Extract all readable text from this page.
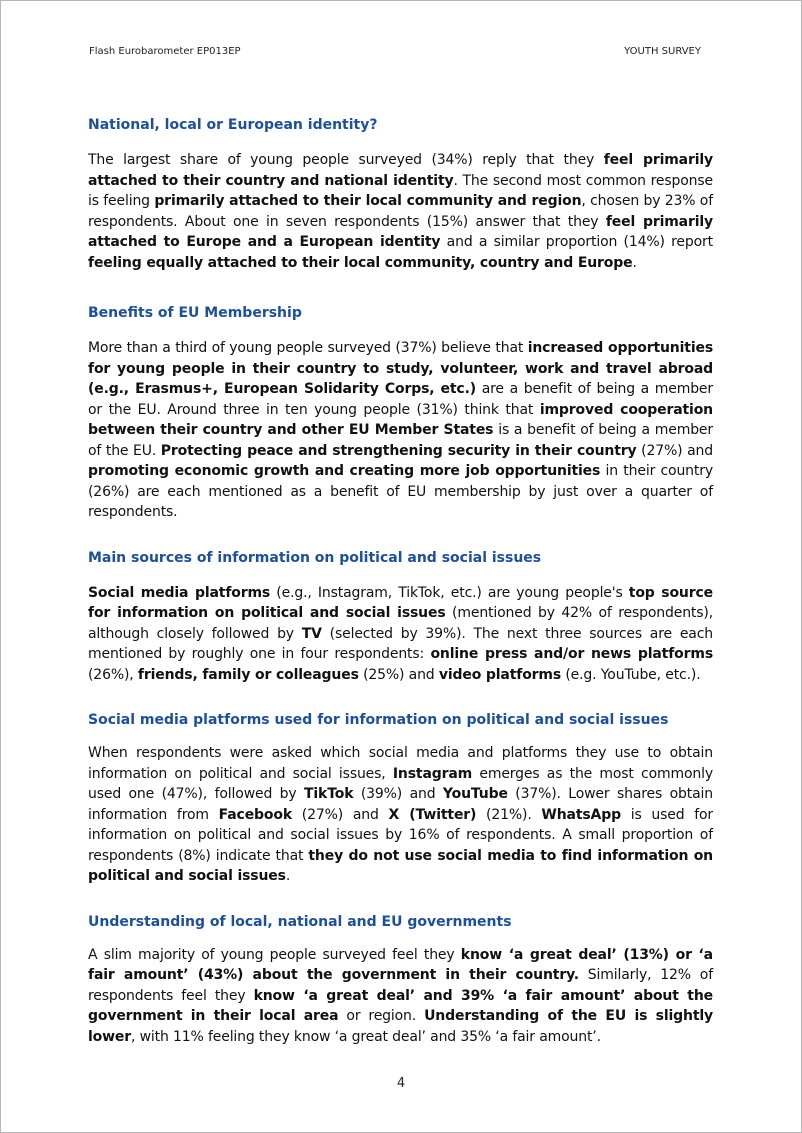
Flash Eurobarometer EP013EP	YOUTH SURVEY
National, local or European identity?

The largest share of young people surveyed (34%) reply that they feel primarily attached to their country and national identity. The second most common response is feeling primarily attached to their local community and region, chosen by 23% of respondents. About one in seven respondents (15%) answer that they feel primarily attached to Europe and a European identity and a similar proportion (14%) report feeling equally attached to their local community, country and Europe.

Benefits of EU Membership

More than a third of young people surveyed (37%) believe that increased opportunities for young people in their country to study, volunteer, work and travel abroad (e.g., Erasmus+, European Solidarity Corps, etc.) are a benefit of being a member or the EU. Around three in ten young people (31%) think that improved cooperation between their country and other EU Member States is a benefit of being a member of the EU. Protecting peace and strengthening security in their country (27%) and promoting economic growth and creating more job opportunities in their country (26%) are each mentioned as a benefit of EU membership by just over a quarter of respondents.

Main sources of information on political and social issues

Social media platforms (e.g., Instagram, TikTok, etc.) are young people's top source for information on political and social issues (mentioned by 42% of respondents), although closely followed by TV (selected by 39%). The next three sources are each mentioned by roughly one in four respondents: online press and/or news platforms (26%), friends, family or colleagues (25%) and video platforms (e.g. YouTube, etc.).

Social media platforms used for information on political and social issues

When respondents were asked which social media and platforms they use to obtain information on political and social issues, Instagram emerges as the most commonly used one (47%), followed by TikTok (39%) and YouTube (37%). Lower shares obtain information from Facebook (27%) and X (Twitter) (21%). WhatsApp is used for information on political and social issues by 16% of respondents. A small proportion of respondents (8%) indicate that they do not use social media to find information on political and social issues.

Understanding of local, national and EU governments

A slim majority of young people surveyed feel they know ‘a great deal’ (13%) or ‘a fair amount’ (43%) about the government in their country. Similarly, 12% of respondents feel they know ‘a great deal’ and 39% ‘a fair amount’ about the government in their local area or region. Understanding of the EU is slightly lower, with 11% feeling they know ‘a great deal’ and 35% ‘a fair amount’.

4
